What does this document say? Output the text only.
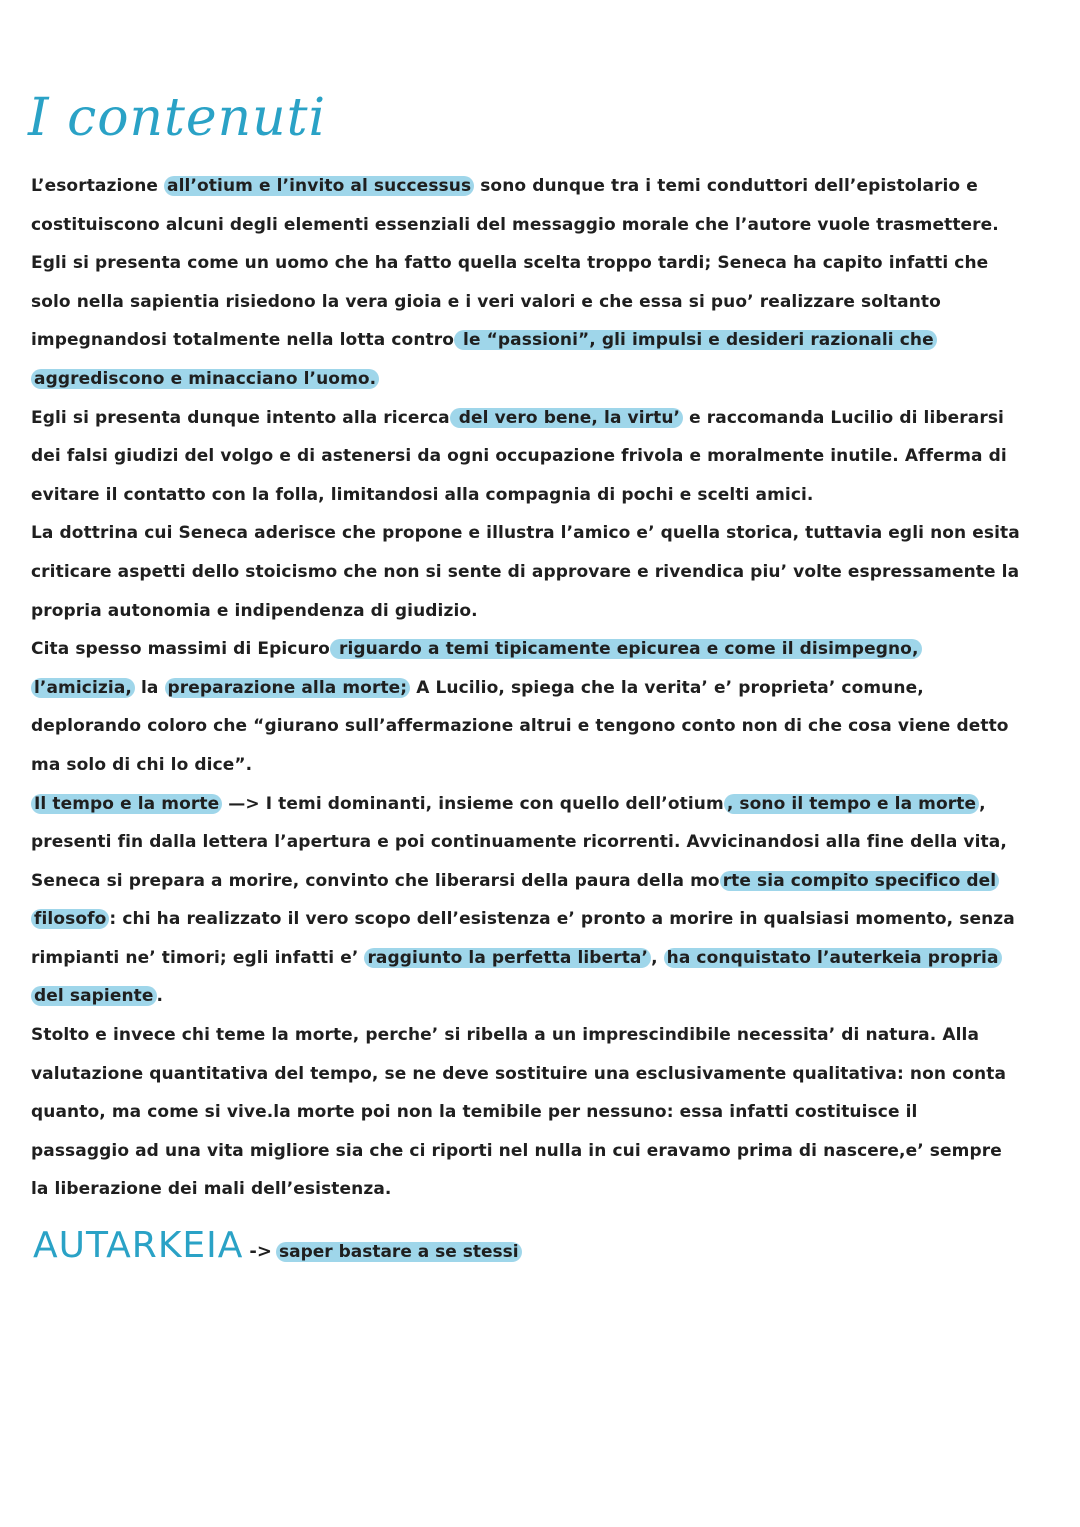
I contenuti

L’esortazione all’otium e l’invito al successus sono dunque tra i temi conduttori dell’epistolario e costituiscono alcuni degli elementi essenziali del messaggio morale che l’autore vuole trasmettere.

Egli si presenta come un uomo che ha fatto quella scelta troppo tardi; Seneca ha capito infatti che solo nella sapientia risiedono la vera gioia e i veri valori e che essa si puo’ realizzare soltanto impegnandosi totalmente nella lotta contro le “passioni”, gli impulsi e desideri razionali che aggrediscono e minacciano l’uomo.

Egli si presenta dunque intento alla ricerca del vero bene, la virtu’ e raccomanda Lucilio di liberarsi dei falsi giudizi del volgo e di astenersi da ogni occupazione frivola e moralmente inutile. Afferma di evitare il contatto con la folla, limitandosi alla compagnia di pochi e scelti amici.

La dottrina cui Seneca aderisce che propone e illustra l’amico e’ quella storica, tuttavia egli non esita criticare aspetti dello stoicismo che non si sente di approvare e rivendica piu’ volte espressamente la propria autonomia e indipendenza di giudizio.

Cita spesso massimi di Epicuro riguardo a temi tipicamente epicurea e come il disimpegno, l’amicizia, la preparazione alla morte; A Lucilio, spiega che la verita’ e’ proprieta’ comune, deplorando coloro che “giurano sull’affermazione altrui e tengono conto non di che cosa viene detto ma solo di chi lo dice”.

Il tempo e la morte —> I temi dominanti, insieme con quello dell’otium , sono il tempo e la morte , presenti fin dalla lettera l’apertura e poi continuamente ricorrenti. Avvicinandosi alla fine della vita, Seneca si prepara a morire, convinto che liberarsi della paura della mo rte sia compito specifico del filosofo : chi ha realizzato il vero scopo dell’esistenza e’ pronto a morire in qualsiasi momento, senza rimpianti ne’ timori; egli infatti e’ raggiunto la perfetta liberta’ , ha conquistato l’auterkeia propria del sapiente .

Stolto e invece chi teme la morte, perche’ si ribella a un imprescindibile necessita’ di natura. Alla valutazione quantitativa del tempo, se ne deve sostituire una esclusivamente qualitativa: non conta quanto, ma come si vive.la morte poi non la temibile per nessuno: essa infatti costituisce il passaggio ad una vita migliore sia che ci riporti nel nulla in cui eravamo prima di nascere,e’ sempre la liberazione dei mali dell’esistenza.

AUTARKEIA -> saper bastare a se stessi
